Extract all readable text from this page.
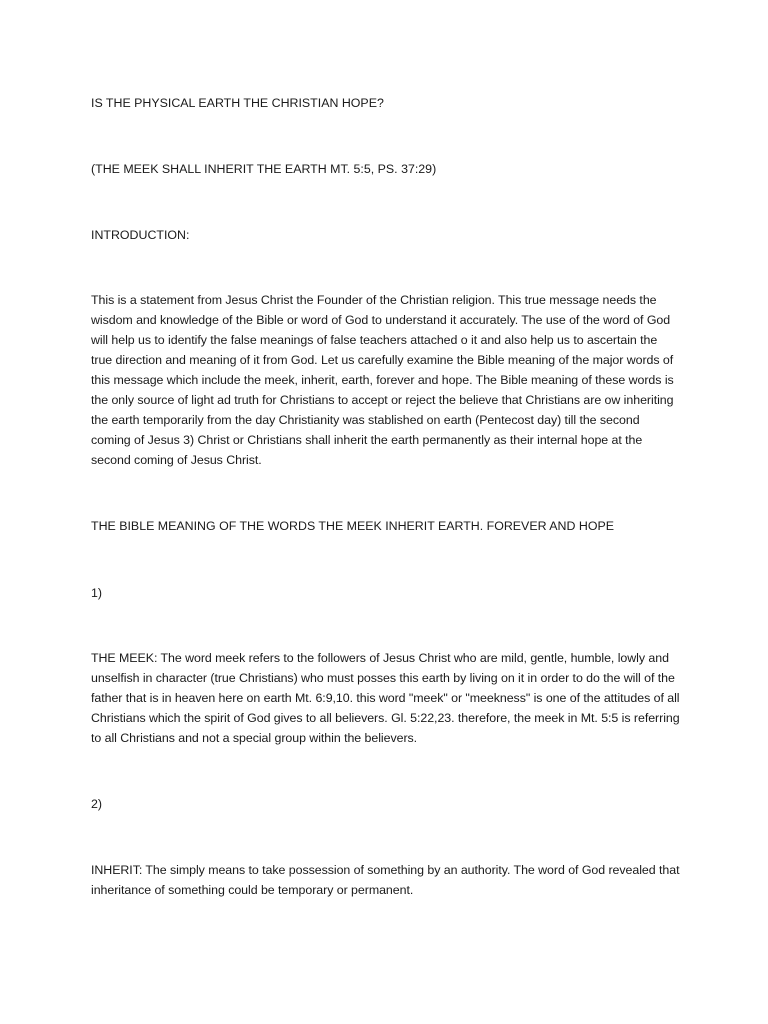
IS THE PHYSICAL EARTH THE CHRISTIAN HOPE?

(THE MEEK SHALL INHERIT THE EARTH MT. 5:5, PS. 37:29)

INTRODUCTION:

This is a statement from Jesus Christ the Founder of the Christian religion. This true message needs the wisdom and knowledge of the Bible or word of God to understand it accurately. The use of the word of God will help us to identify the false meanings of false teachers attached o it and also help us to ascertain the true direction and meaning of it from God. Let us carefully examine the Bible meaning of the major words of this message which include the meek, inherit, earth, forever and hope. The Bible meaning of these words is the only source of light ad truth for Christians to accept or reject the believe that Christians are ow inheriting the earth temporarily from the day Christianity was stablished on earth (Pentecost day) till the second coming of Jesus 3) Christ or Christians shall inherit the earth permanently as their internal hope at the second coming of Jesus Christ.

THE BIBLE MEANING OF THE WORDS THE MEEK INHERIT EARTH. FOREVER AND HOPE

1)

THE MEEK: The word meek refers to the followers of Jesus Christ who are mild, gentle, humble, lowly and unselfish in character (true Christians) who must posses this earth by living on it in order to do the will of the father that is in heaven here on earth Mt. 6:9,10. this word "meek" or "meekness" is one of the attitudes of all Christians which the spirit of God gives to all believers. Gl. 5:22,23. therefore, the meek in Mt. 5:5 is referring to all Christians and not a special group within the believers.

2)

INHERIT: The simply means to take possession of something by an authority. The word of God revealed that inheritance of something could be temporary or permanent.
